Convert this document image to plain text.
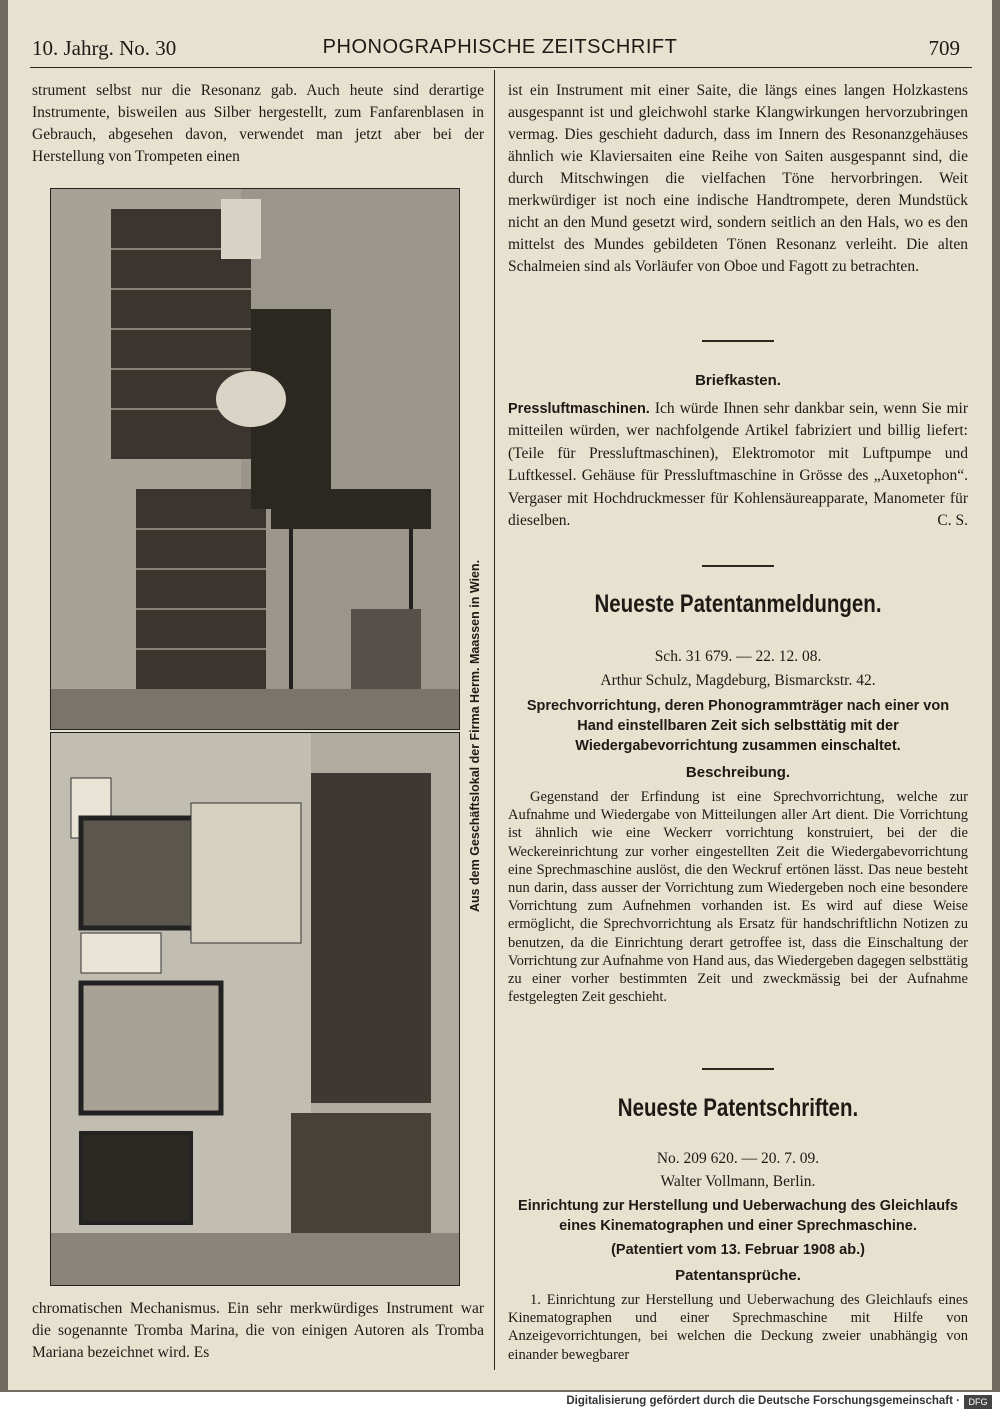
10. Jahrg. No. 30	PHONOGRAPHISCHE ZEITSCHRIFT	709
strument selbst nur die Resonanz gab. Auch heute sind derartige Instrumente, bisweilen aus Silber hergestellt, zum Fanfarenblasen in Gebrauch, abgesehen davon, verwendet man jetzt aber bei der Herstellung von Trompeten einen
Aus dem Geschäftslokal der Firma Herm. Maassen in Wien.
chromatischen Mechanismus. Ein sehr merkwürdiges Instrument war die sogenannte Tromba Marina, die von einigen Autoren als Tromba Mariana bezeichnet wird. Es
ist ein Instrument mit einer Saite, die längs eines langen Holzkastens ausgespannt ist und gleichwohl starke Klangwirkungen hervorzubringen vermag. Dies geschieht dadurch, dass im Innern des Resonanzgehäuses ähnlich wie Klaviersaiten eine Reihe von Saiten ausgespannt sind, die durch Mitschwingen die vielfachen Töne hervorbringen. Weit merkwürdiger ist noch eine indische Handtrompete, deren Mundstück nicht an den Mund gesetzt wird, sondern seitlich an den Hals, wo es den mittelst des Mundes gebildeten Tönen Resonanz verleiht. Die alten Schalmeien sind als Vorläufer von Oboe und Fagott zu betrachten.
Briefkasten.
Pressluftmaschinen. Ich würde Ihnen sehr dankbar sein, wenn Sie mir mitteilen würden, wer nachfolgende Artikel fabriziert und billig liefert: (Teile für Pressluftmaschinen), Elektromotor mit Luftpumpe und Luftkessel. Gehäuse für Pressluftmaschine in Grösse des „Auxetophon“. Vergaser mit Hochdruckmesser für Kohlensäureapparate, Manometer für dieselben.	C. S.
Neueste Patentanmeldungen.
Sch. 31 679. — 22. 12. 08.
Arthur Schulz, Magdeburg, Bismarckstr. 42.
Sprechvorrichtung, deren Phonogrammträger nach einer von Hand einstellbaren Zeit sich selbsttätig mit der Wiedergabevorrichtung zusammen einschaltet.
Beschreibung.
Gegenstand der Erfindung ist eine Sprechvorrichtung, welche zur Aufnahme und Wiedergabe von Mitteilungen aller Art dient. Die Vorrichtung ist ähnlich wie eine Weckerr vorrichtung konstruiert, bei der die Weckereinrichtung zur vorher eingestellten Zeit die Wiedergabevorrichtung eine Sprechmaschine auslöst, die den Weckruf ertönen lässt. Das neue besteht nun darin, dass ausser der Vorrichtung zum Wiedergeben noch eine besondere Vorrichtung zum Aufnehmen vorhanden ist. Es wird auf diese Weise ermöglicht, die Sprechvorrichtung als Ersatz für handschriftlichn Notizen zu benutzen, da die Einrichtung derart getroffee ist, dass die Einschaltung der Vorrichtung zur Aufnahme von Hand aus, das Wiedergeben dagegen selbsttätig zu einer vorher bestimmten Zeit und zweckmässig bei der Aufnahme festgelegten Zeit geschieht.
Neueste Patentschriften.
No. 209 620. — 20. 7. 09.
Walter Vollmann, Berlin.
Einrichtung zur Herstellung und Ueberwachung des Gleichlaufs eines Kinematographen und einer Sprechmaschine.
(Patentiert vom 13. Februar 1908 ab.)
Patentansprüche.
1. Einrichtung zur Herstellung und Ueberwachung des Gleichlaufs eines Kinematographen und einer Sprechmaschine mit Hilfe von Anzeigevorrichtungen, bei welchen die Deckung zweier unabhängig von einander bewegbarer
Digitalisierung gefördert durch die Deutsche Forschungsgemeinschaft · DFG
